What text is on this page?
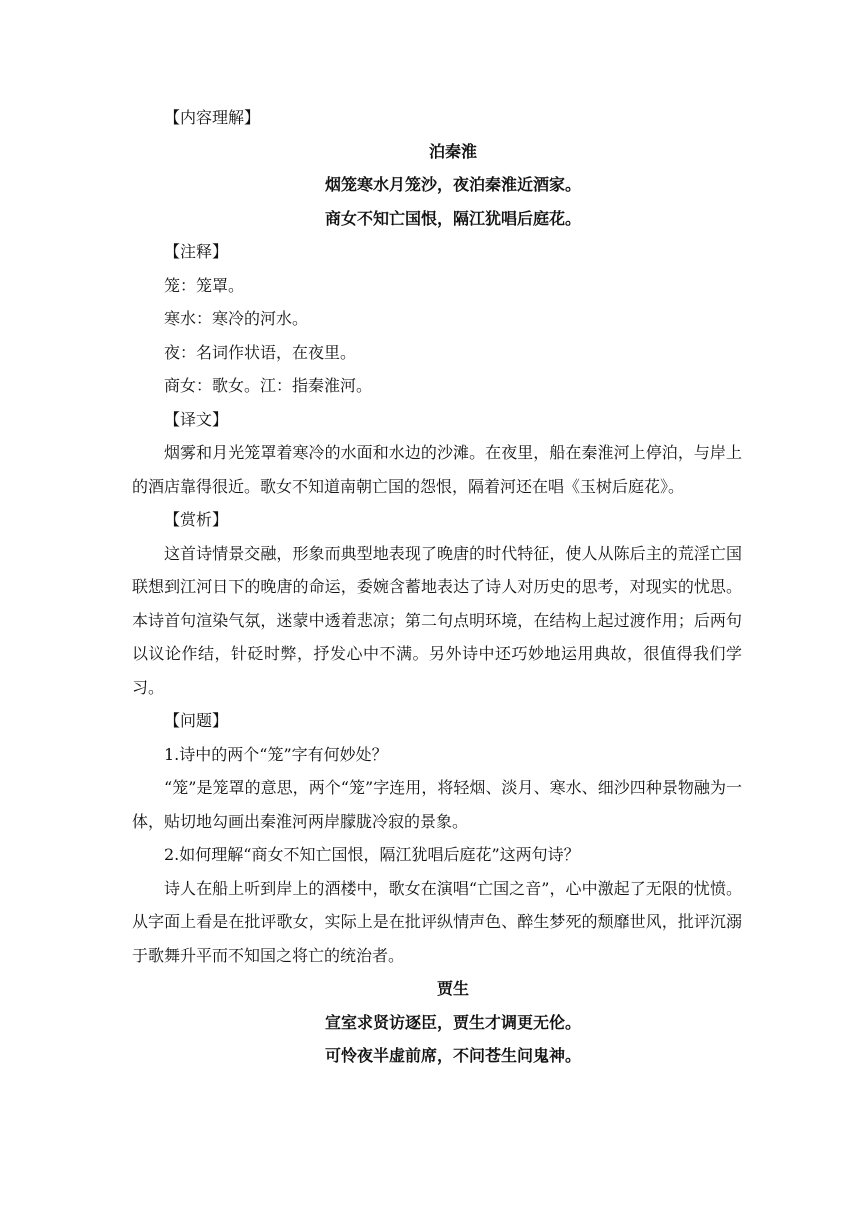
【内容理解】

泊秦淮

烟笼寒水月笼沙，夜泊秦淮近酒家。

商女不知亡国恨，隔江犹唱后庭花。

【注释】

笼：笼罩。

寒水：寒冷的河水。

夜：名词作状语，在夜里。

商女：歌女。江：指秦淮河。

【译文】

烟雾和月光笼罩着寒冷的水面和水边的沙滩。在夜里，船在秦淮河上停泊，与岸上的酒店靠得很近。歌女不知道南朝亡国的怨恨，隔着河还在唱《玉树后庭花》。

【赏析】

这首诗情景交融，形象而典型地表现了晚唐的时代特征，使人从陈后主的荒淫亡国联想到江河日下的晚唐的命运，委婉含蓄地表达了诗人对历史的思考，对现实的忧思。本诗首句渲染气氛，迷蒙中透着悲凉；第二句点明环境，在结构上起过渡作用；后两句以议论作结，针砭时弊，抒发心中不满。另外诗中还巧妙地运用典故，很值得我们学习。

【问题】

1.诗中的两个“笼”字有何妙处？

“笼”是笼罩的意思，两个“笼”字连用，将轻烟、淡月、寒水、细沙四种景物融为一体，贴切地勾画出秦淮河两岸朦胧冷寂的景象。

2.如何理解“商女不知亡国恨，隔江犹唱后庭花”这两句诗？

诗人在船上听到岸上的酒楼中，歌女在演唱“亡国之音”，心中激起了无限的忧愤。从字面上看是在批评歌女，实际上是在批评纵情声色、醉生梦死的颓靡世风，批评沉溺于歌舞升平而不知国之将亡的统治者。

贾生

宣室求贤访逐臣，贾生才调更无伦。

可怜夜半虚前席，不问苍生问鬼神。
